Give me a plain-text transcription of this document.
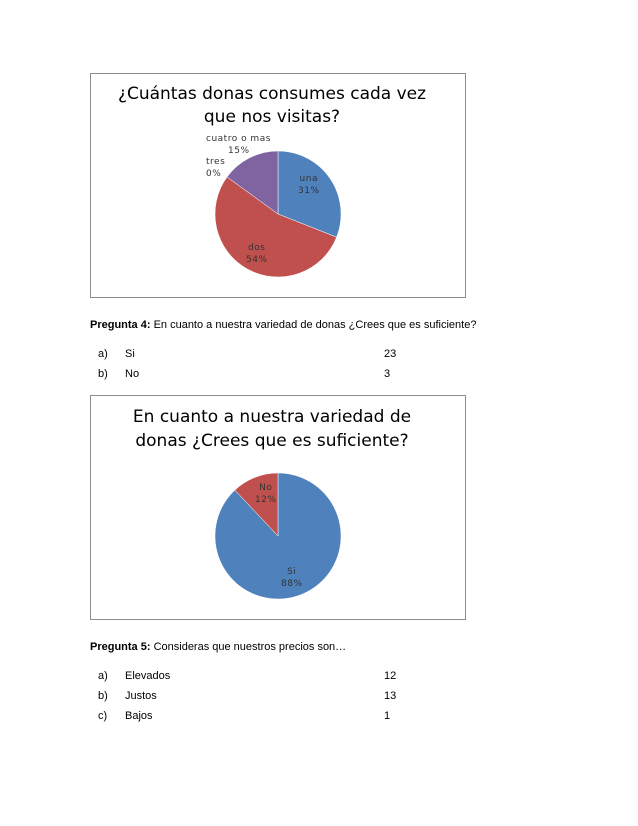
¿Cuántas donas consumes cada vez
que nos visitas?
una
31%
dos
54%
tres
0%
cuatro o mas
15%
Pregunta 4: En cuanto a nuestra variedad de donas ¿Crees que es suficiente?
a) Si	23
b) No	3
En cuanto a nuestra variedad de
donas ¿Crees que es suficiente?
No
12%
Si
88%
Pregunta 5: Consideras que nuestros precios son…
a) Elevados	12
b) Justos	13
c) Bajos	1
